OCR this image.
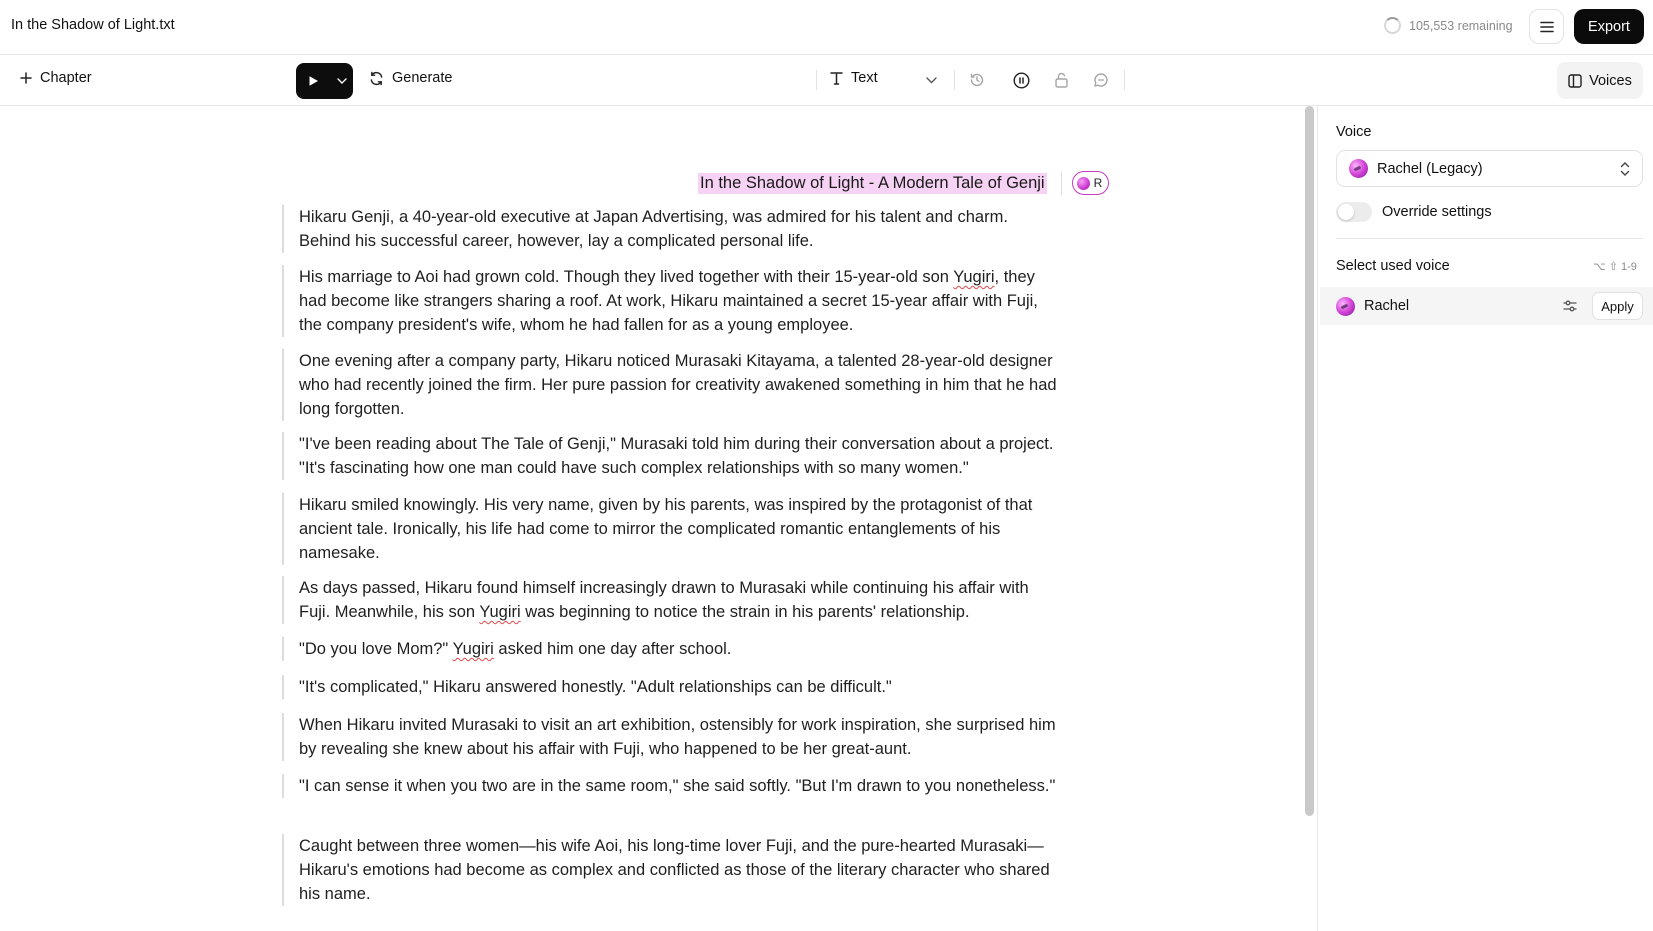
In the Shadow of Light.txt	105,553 remaining	Export
Chapter	Generate	Text	Voices
In the Shadow of Light - A Modern Tale of Genji	R
Hikaru Genji, a 40-year-old executive at Japan Advertising, was admired for his talent and charm. Behind his successful career, however, lay a complicated personal life.
His marriage to Aoi had grown cold. Though they lived together with their 15-year-old son Yugiri, they had become like strangers sharing a roof. At work, Hikaru maintained a secret 15-year affair with Fuji, the company president's wife, whom he had fallen for as a young employee.
One evening after a company party, Hikaru noticed Murasaki Kitayama, a talented 28-year-old designer who had recently joined the firm. Her pure passion for creativity awakened something in him that he had long forgotten.
"I've been reading about The Tale of Genji," Murasaki told him during their conversation about a project. "It's fascinating how one man could have such complex relationships with so many women."
Hikaru smiled knowingly. His very name, given by his parents, was inspired by the protagonist of that ancient tale. Ironically, his life had come to mirror the complicated romantic entanglements of his namesake.
As days passed, Hikaru found himself increasingly drawn to Murasaki while continuing his affair with Fuji. Meanwhile, his son Yugiri was beginning to notice the strain in his parents' relationship.
"Do you love Mom?" Yugiri asked him one day after school.
"It's complicated," Hikaru answered honestly. "Adult relationships can be difficult."
When Hikaru invited Murasaki to visit an art exhibition, ostensibly for work inspiration, she surprised him by revealing she knew about his affair with Fuji, who happened to be her great-aunt.
"I can sense it when you two are in the same room," she said softly. "But I'm drawn to you nonetheless."
Caught between three women—his wife Aoi, his long-time lover Fuji, and the pure-hearted Murasaki—Hikaru's emotions had become as complex and conflicted as those of the literary character who shared his name.
Voice
Rachel (Legacy)
Override settings
Select used voice	⌥ ⇧ 1-9
Rachel	Apply
